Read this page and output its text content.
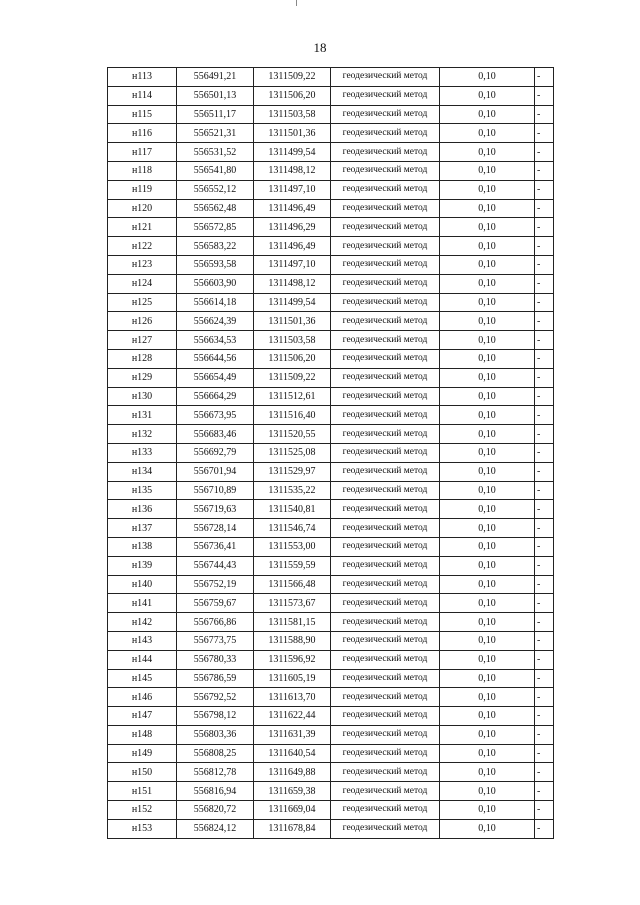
18
н113	556491,21	1311509,22	геодезический метод	0,10	-
н114	556501,13	1311506,20	геодезический метод	0,10	-
н115	556511,17	1311503,58	геодезический метод	0,10	-
н116	556521,31	1311501,36	геодезический метод	0,10	-
н117	556531,52	1311499,54	геодезический метод	0,10	-
н118	556541,80	1311498,12	геодезический метод	0,10	-
н119	556552,12	1311497,10	геодезический метод	0,10	-
н120	556562,48	1311496,49	геодезический метод	0,10	-
н121	556572,85	1311496,29	геодезический метод	0,10	-
н122	556583,22	1311496,49	геодезический метод	0,10	-
н123	556593,58	1311497,10	геодезический метод	0,10	-
н124	556603,90	1311498,12	геодезический метод	0,10	-
н125	556614,18	1311499,54	геодезический метод	0,10	-
н126	556624,39	1311501,36	геодезический метод	0,10	-
н127	556634,53	1311503,58	геодезический метод	0,10	-
н128	556644,56	1311506,20	геодезический метод	0,10	-
н129	556654,49	1311509,22	геодезический метод	0,10	-
н130	556664,29	1311512,61	геодезический метод	0,10	-
н131	556673,95	1311516,40	геодезический метод	0,10	-
н132	556683,46	1311520,55	геодезический метод	0,10	-
н133	556692,79	1311525,08	геодезический метод	0,10	-
н134	556701,94	1311529,97	геодезический метод	0,10	-
н135	556710,89	1311535,22	геодезический метод	0,10	-
н136	556719,63	1311540,81	геодезический метод	0,10	-
н137	556728,14	1311546,74	геодезический метод	0,10	-
н138	556736,41	1311553,00	геодезический метод	0,10	-
н139	556744,43	1311559,59	геодезический метод	0,10	-
н140	556752,19	1311566,48	геодезический метод	0,10	-
н141	556759,67	1311573,67	геодезический метод	0,10	-
н142	556766,86	1311581,15	геодезический метод	0,10	-
н143	556773,75	1311588,90	геодезический метод	0,10	-
н144	556780,33	1311596,92	геодезический метод	0,10	-
н145	556786,59	1311605,19	геодезический метод	0,10	-
н146	556792,52	1311613,70	геодезический метод	0,10	-
н147	556798,12	1311622,44	геодезический метод	0,10	-
н148	556803,36	1311631,39	геодезический метод	0,10	-
н149	556808,25	1311640,54	геодезический метод	0,10	-
н150	556812,78	1311649,88	геодезический метод	0,10	-
н151	556816,94	1311659,38	геодезический метод	0,10	-
н152	556820,72	1311669,04	геодезический метод	0,10	-
н153	556824,12	1311678,84	геодезический метод	0,10	-
